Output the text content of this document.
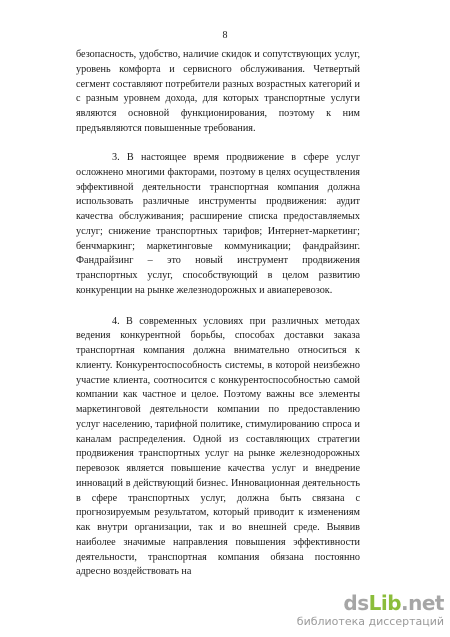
8

безопасность, удобство, наличие скидок и сопутствующих услуг, уровень комфорта и сервисного обслуживания. Четвертый сегмент составляют потребители разных возрастных категорий и с разным уровнем дохода, для которых транспортные услуги являются основной функционирования, поэтому к ним предъявляются повышенные требования.

3. В настоящее время продвижение в сфере услуг осложнено многими факторами, поэтому в целях осуществления эффективной деятельности транспортная компания должна использовать различные инструменты продвижения: аудит качества обслуживания; расширение списка предоставляемых услуг; снижение транспортных тарифов; Интернет-маркетинг; бенчмаркинг; маркетинговые коммуникации; фандрайзинг. Фандрайзинг – это новый инструмент продвижения транспортных услуг, способствующий в целом развитию конкуренции на рынке железнодорожных и авиаперевозок.

4. В современных условиях при различных методах ведения конкурентной борьбы, способах доставки заказа транспортная компания должна внимательно относиться к клиенту. Конкурентоспособность системы, в которой неизбежно участие клиента, соотносится с конкурентоспособностью самой компании как частное и целое. Поэтому важны все элементы маркетинговой деятельности компании по предоставлению услуг населению, тарифной политике, стимулированию спроса и каналам распределения. Одной из составляющих стратегии продвижения транспортных услуг на рынке железнодорожных перевозок является повышение качества услуг и внедрение инноваций в действующий бизнес. Инновационная деятельность в сфере транспортных услуг, должна быть связана с прогнозируемым результатом, который приводит к изменениям как внутри организации, так и во внешней среде. Выявив наиболее значимые направления повышения эффективности деятельности, транспортная компания обязана постоянно адресно воздействовать на

dsLib.net
библиотека диссертаций
